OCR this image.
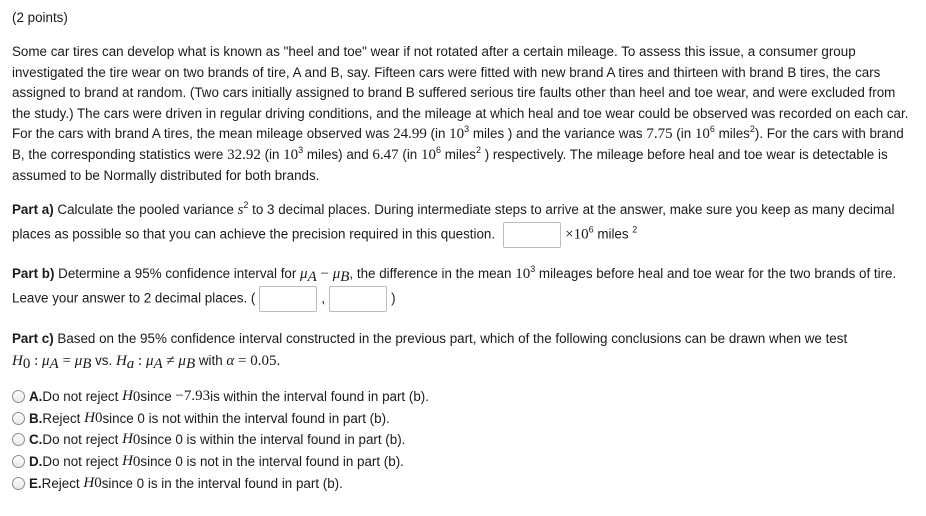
(2 points)
Some car tires can develop what is known as "heel and toe" wear if not rotated after a certain mileage. To assess this issue, a consumer group investigated the tire wear on two brands of tire, A and B, say. Fifteen cars were fitted with new brand A tires and thirteen with brand B tires, the cars assigned to brand at random. (Two cars initially assigned to brand B suffered serious tire faults other than heel and toe wear, and were excluded from the study.) The cars were driven in regular driving conditions, and the mileage at which heal and toe wear could be observed was recorded on each car. For the cars with brand A tires, the mean mileage observed was 24.99 (in $10^3$ miles ) and the variance was 7.75 (in $10^6$ miles$^2$). For the cars with brand B, the corresponding statistics were 32.92 (in $10^3$ miles) and 6.47 (in $10^6$ miles$^2$ ) respectively. The mileage before heal and toe wear is detectable is assumed to be Normally distributed for both brands.
Part a) Calculate the pooled variance $s^2$ to 3 decimal places. During intermediate steps to arrive at the answer, make sure you keep as many decimal places as possible so that you can achieve the precision required in this question.	$\times 10^6$ miles $^2$
Part b) Determine a 95% confidence interval for $\mu_A - \mu_B$, the difference in the mean $10^3$ mileages before heal and toe wear for the two brands of tire. Leave your answer to 2 decimal places. (	,	)
Part c) Based on the 95% confidence interval constructed in the previous part, which of the following conclusions can be drawn when we test
$H_0$ : $\mu_A = \mu_B$ vs. $H_a$ : $\mu_A \ne \mu_B$ with α = 0.05.
A. Do not reject
H 0 since
−7.93 is within the interval found in part (b).
B. Reject
H 0 since 0 is not within the interval found in part (b).
C. Do not reject
H 0 since 0 is within the interval found in part (b).
D. Do not reject
H 0 since 0 is not in the interval found in part (b).
E. Reject
H 0 since 0 is in the interval found in part (b).
